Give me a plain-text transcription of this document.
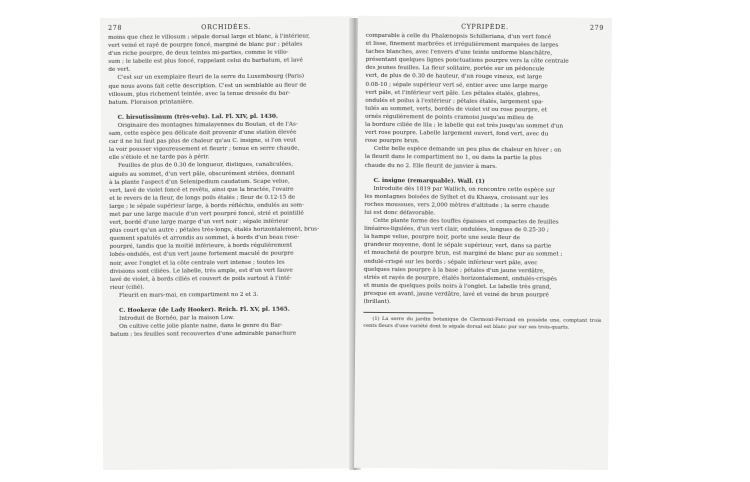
278	ORCHIDÉES.

moins que chez le villosum ; sépale dorsal large et blanc, à l'intérieur,

vert veiné et rayé de pourpre foncé, marginé de blanc pur ; pétales

d'un riche pourpre, de deux teintes mi-parties, comme le villo-

sum ; le labelle est plus foncé, rappelant celui du barbatum, et lavé

de vert.

C'est sur un exemplaire fleuri de la serre du Luxembourg (Paris)

que nous avons fait cette description. C'est un semblable au fleur de

villosum, plus richement teintée, avec la tenue dressée du bar-

batum. Floraison printanière.

C. hirsutissimum (très-velu). Lal. Fl. XIV, pl. 1430.

Originaire des montagnes himalayennes du Boutan, et de l'As-

sam, cette espèce peu délicate doit provenir d'une station élevée

car il ne lui faut pas plus de chaleur qu'au C. insigne, si l'on veut

la voir pousser vigoureusement et fleurir ; tenue en serre chaude,

elle s'étiole et ne tarde pas à périr.

Feuilles de plus de 0.30 de longueur, distiques, canaliculées,

aiguës au sommet, d'un vert pâle, obscurément striées, donnant

à la plante l'aspect d'un Selenipedium caudatum. Scape velue,

vert, lavé de violet foncé et revêtu, ainsi que la bractée, l'ovaire

et le revers de la fleur, de longs poils étalés ; fleur de 0.12-15 de

large ; le sépale supérieur large, à bords réfléchis, ondulés au som-

met par une large macule d'un vert pourpré foncé, strié et pointillé

vert, bordé d'une large marge d'un vert noir ; sépale inférieur

plus court qu'un autre ; pétales très-longs, étalés horizontalement, brus-

quement spatulés et arrondis au sommet, à bords d'un beau rose-

pourpré, tandis que la moitié inférieure, à bords régulièrement

lobés-ondulés, est d'un vert jaune fortement maculé de pourpre

noir, avec l'onglet et la côte centrale vert intense ; toutes les

divisions sont ciliées. Le labelle, très ample, est d'un vert fauve

lavé de violet, à bords ciliés et couvert de poils surtout à l'inté-

rieur (cilié).

Fleurit en mars-mai, en compartiment no 2 et 3.

C. Hookeræ (de Lady Hooker). Reich. Fl. XV, pl. 1565.

Introduit de Bornéo, par la maison Low.

On cultive cette jolie plante naine, dans le genre du Bar-

batum ; les feuilles sont recouvertes d'une admirable panachure

CYPRIPÈDE.	279

comparable à celle du Phalænopsis Schilleriana, d'un vert foncé

et lisse, finement marbrées et irrégulièrement marquées de larges

taches blanches, avec l'envers d'une teinte uniforme blanchâtre,

présentant quelques lignes ponctuations pourpre vers la côte centrale

des jeunes feuilles. La fleur solitaire, portée sur un pédoncule

vert, de plus de 0.30 de hauteur, d'un rouge vineux, est large

0.08-10 ; sépale supérieur vert sé, entier avec une large marge

vert pâle, et l'inférieur vert pâle. Les pétales étalés, glabres,

ondulés et poilus à l'extérieur ; pétales étalés, largement spa-

tulés au sommet, verts, bordés de violet vif ou rose pourpre, et

ornés régulièrement de points cramoisi jusqu'au milieu de

la bordure ciliée de lila ; le labelle qui est très jusqu'au sommet d'un

vert rose pourpre. Labelle largement ouvert, fond vert, avec du

rose pourpre brun.

Cette belle espèce demande un peu plus de chaleur en hiver ; on

la fleurit dans le compartiment no 1, ou dans la partie la plus

chaude du no 2. Elle fleurit de janvier à mars.

C. insigne (remarquable). Wall. (1)

Introduite dès 1819 par Wallich, on rencontre cette espèce sur

les montagnes boisées de Sylhet et du Khasya, croissant sur les

roches moussues, vers 2,000 mètres d'altitude ; la serre chaude

lui est donc défavorable.

Cette plante forme des touffes épaisses et compactes de feuilles

linéaires-ligulées, d'un vert clair, ondulées, longues de 0.25-30 ;

la hampe velue, pourpre noir, porte une seule fleur de

grandeur moyenne, dont le sépale supérieur, vert, dans sa partie

et moucheté de pourpre brun, est marginé de blanc pur au sommet ;

ondulé-crispé sur les bords ; sépale inférieur vert pâle, avec

quelques raies pourpre à la base ; pétales d'un jaune verdâtre,

striés et rayés de pourpre, étalés horizontalement, ondulés-crispés

et munis de quelques poils noirs à l'onglet. Le labelle très grand,

presque en avant, jaune verdâtre, lavé et veiné de brun pourpré

(brillant).

(1) La serre du jardin botanique de Clermont-Ferrand en possède une, comptant trois cents fleurs d'une variété dont le sépale dorsal est blanc pur sur ses trois-quarts.
